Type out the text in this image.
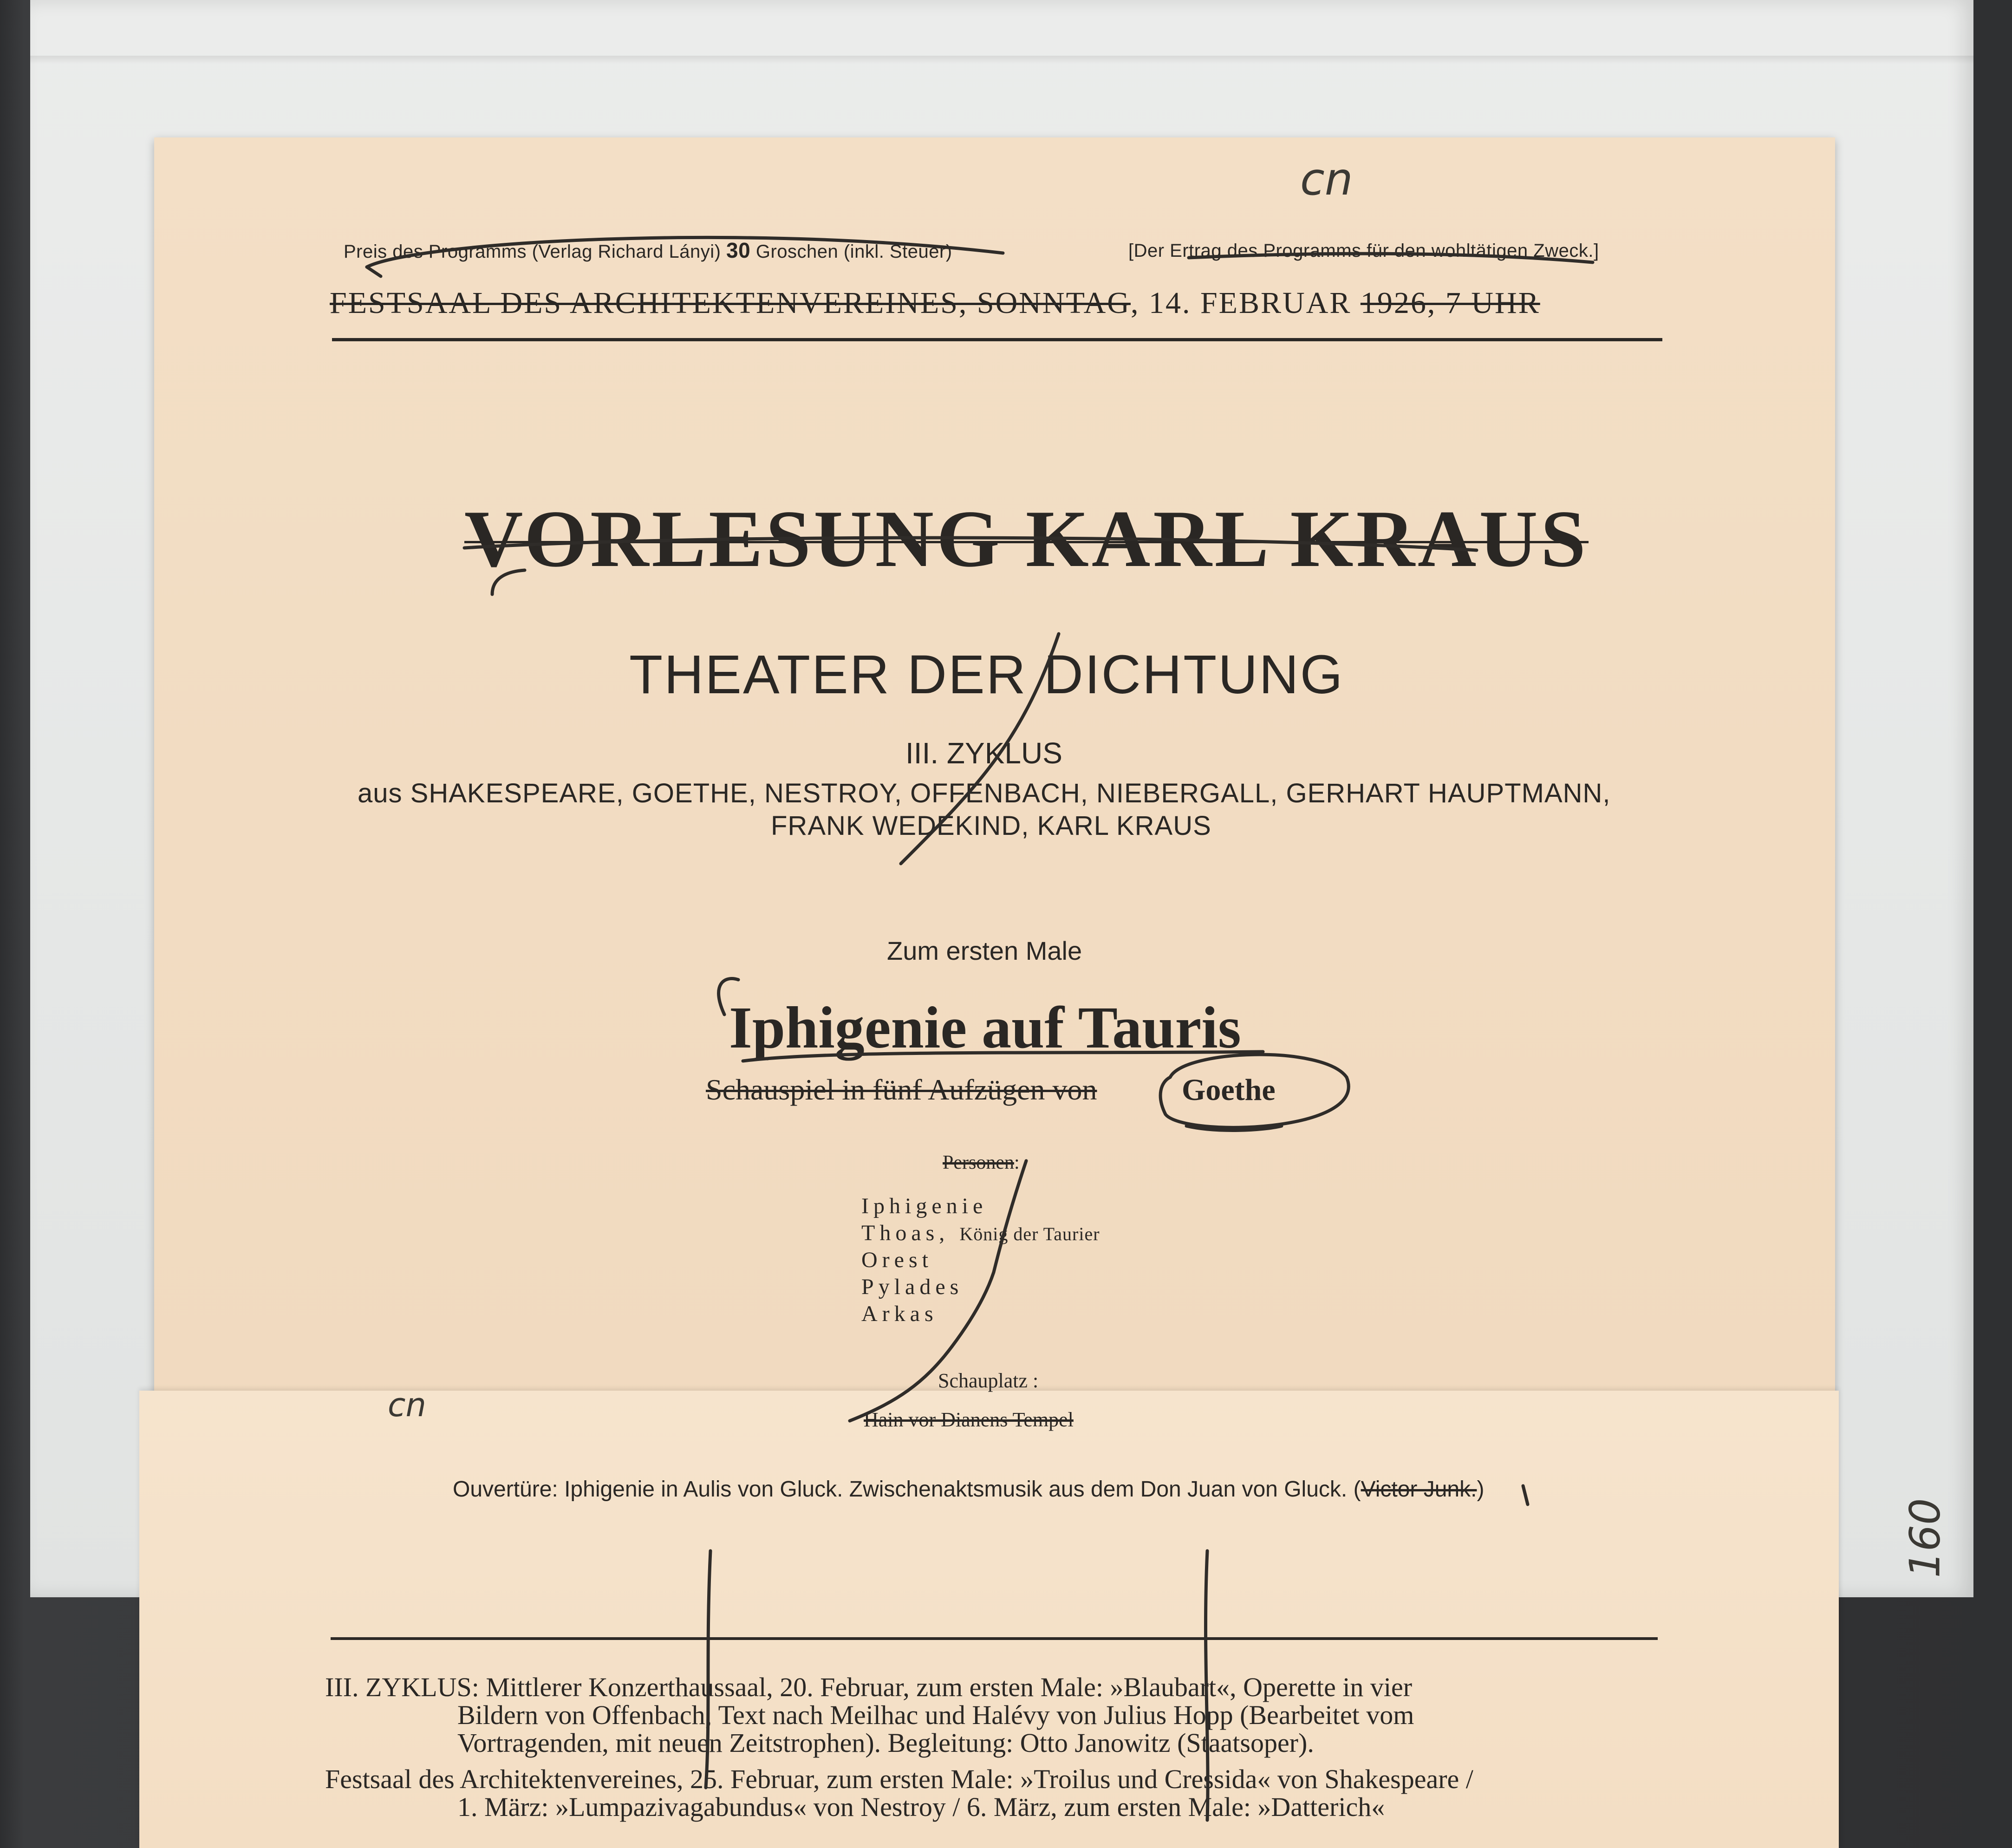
Preis des Programms (Verlag Richard Lányi) 30 Groschen (inkl. Steuer)	[Der Ertrag des Programms für den wohltätigen Zweck.]
FESTSAAL DES ARCHITEKTENVEREINES, SONNTAG, 14. FEBRUAR 1926, 7 UHR
VORLESUNG KARL KRAUS
THEATER DER DICHTUNG
III. ZYKLUS
aus SHAKESPEARE, GOETHE, NESTROY, OFFENBACH, NIEBERGALL, GERHART HAUPTMANN,
FRANK WEDEKIND, KARL KRAUS
Zum ersten Male
Iphigenie auf Tauris
Schauspiel in fünf Aufzügen von	Goethe
Personen:
Iphigenie
Thoas, König der Taurier
Orest
Pylades
Arkas
Schauplatz :
Hain vor Dianens Tempel
Ouvertüre: Iphigenie in Aulis von Gluck. Zwischenaktsmusik aus dem Don Juan von Gluck. (Victor Junk.)
III. ZYKLUS: Mittlerer Konzerthaussaal, 20. Februar, zum ersten Male: »Blaubart«, Operette in vier
Bildern von Offenbach, Text nach Meilhac und Halévy von Julius Hopp (Bearbeitet vom
Vortragenden, mit neuen Zeitstrophen). Begleitung: Otto Janowitz (Staatsoper).
Festsaal des Architektenvereines, 25. Februar, zum ersten Male: »Troilus und Cressida« von Shakespeare /
1. März: »Lumpazivagabundus« von Nestroy / 6. März, zum ersten Male: »Datterich«
cn
cn
160
